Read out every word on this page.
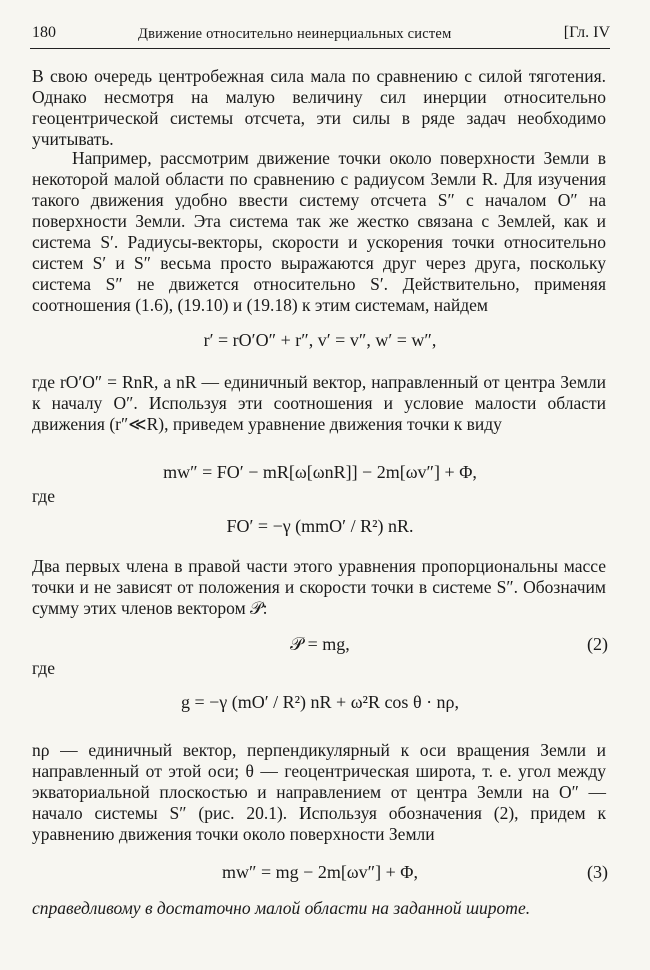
180	Движение относительно неинерциальных систем	[Гл. IV

В свою очередь центробежная сила мала по сравнению с силой тяготения. Однако несмотря на малую величину сил инерции относительно геоцентрической системы отсчета, эти силы в ряде задач необходимо учитывать.

Например, рассмотрим движение точки около поверхности Земли в некоторой малой области по сравнению с радиусом Земли R. Для изучения такого движения удобно ввести систему отсчета S″ с началом O″ на поверхности Земли. Эта система так же жестко связана с Землей, как и система S′. Радиусы-векторы, скорости и ускорения точки относительно систем S′ и S″ весьма просто выражаются друг через друга, поскольку система S″ не движется относительно S′. Действительно, применяя соотношения (1.6), (19.10) и (19.18) к этим системам, найдем

r′ = rO′O″ + r″, v′ = v″, w′ = w″,

где rO′O″ = RnR, а nR — единичный вектор, направленный от центра Земли к началу O″. Используя эти соотношения и условие малости области движения (r″≪R), приведем уравнение движения точки к виду

mw″ = FO′ − mR[ω[ωnR]] − 2m[ωv″] + Φ,
где
FO′ = −γ (mmO′ / R²) nR.

Два первых члена в правой части этого уравнения пропорциональны массе точки и не зависят от положения и скорости точки в системе S″. Обозначим сумму этих членов вектором 𝒫:

𝒫 = mg,	(2)
где
g = −γ (mO′ / R²) nR + ω²R cos θ · nρ,

nρ — единичный вектор, перпендикулярный к оси вращения Земли и направленный от этой оси; θ — геоцентрическая широта, т. е. угол между экваториальной плоскостью и направлением от центра Земли на O″ — начало системы S″ (рис. 20.1). Используя обозначения (2), придем к уравнению движения точки около поверхности Земли

mw″ = mg − 2m[ωv″] + Φ,	(3)

справедливому в достаточно малой области на заданной широте.
